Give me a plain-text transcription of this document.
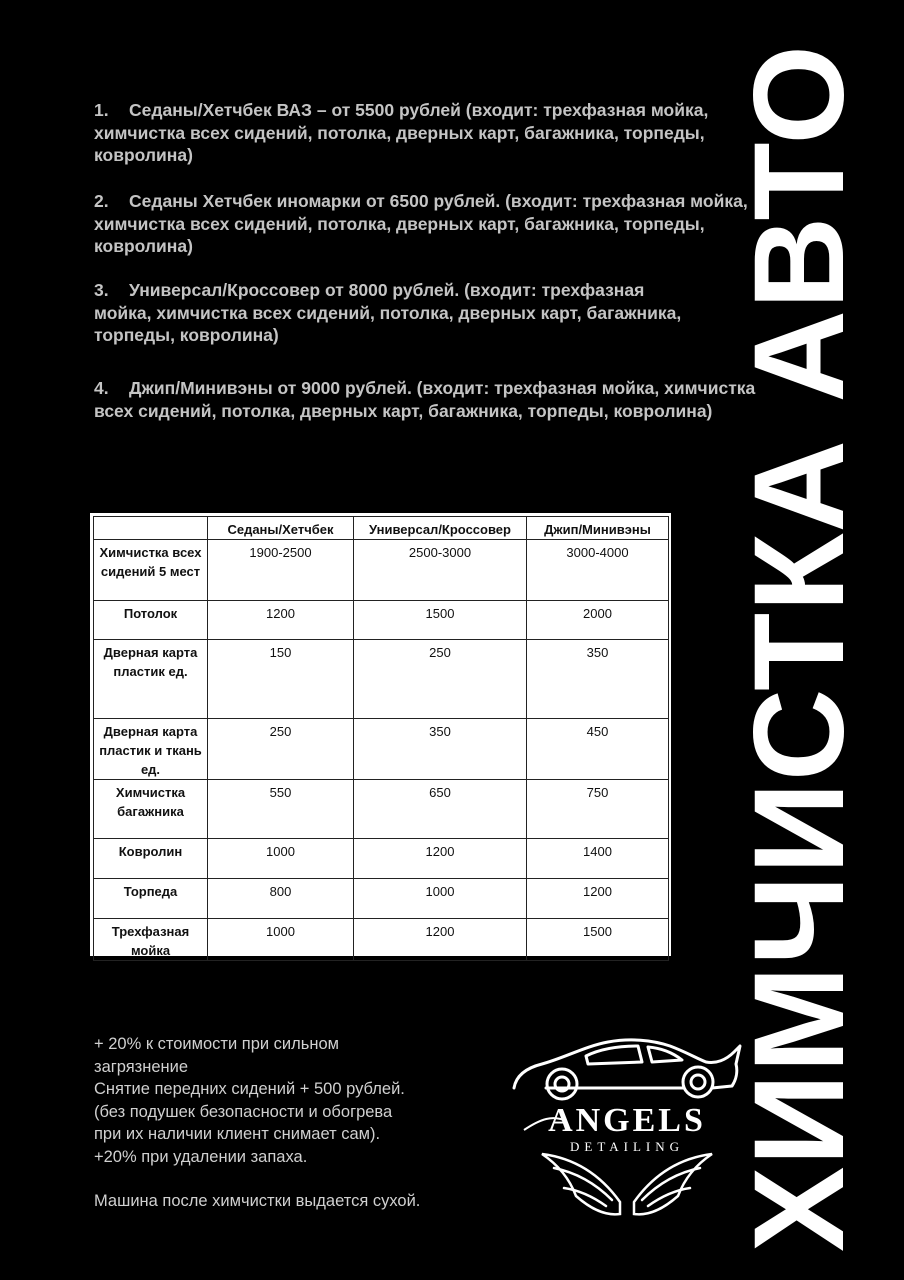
ХИМЧИСТКА АВТО
1. Седаны/Хетчбек ВАЗ – от 5500 рублей (входит: трехфазная мойка, химчистка всех сидений, потолка, дверных карт, багажника, торпеды, ковролина)
2. Седаны Хетчбек иномарки от 6500 рублей. (входит: трехфазная мойка, химчистка всех сидений, потолка, дверных карт, багажника, торпеды, ковролина)
3. Универсал/Кроссовер от 8000 рублей. (входит: трехфазная мойка, химчистка всех сидений, потолка, дверных карт, багажника, торпеды, ковролина)
4. Джип/Минивэны от 9000 рублей. (входит: трехфазная мойка, химчистка всех сидений, потолка, дверных карт, багажника, торпеды, ковролина)
	Седаны/Хетчбек	Универсал/Кроссовер	Джип/Минивэны
Химчистка всех сидений 5 мест	1900-2500	2500-3000	3000-4000
Потолок	1200	1500	2000
Дверная карта пластик ед.	150	250	350
Дверная карта пластик и ткань ед.	250	350	450
Химчистка багажника	550	650	750
Ковролин	1000	1200	1400
Торпеда	800	1000	1200
Трехфазная мойка	1000	1200	1500
+ 20% к стоимости при сильном
загрязнение
Снятие передних сидений + 500 рублей.
(без подушек безопасности и обогрева
при их наличии клиент снимает сам).
+20% при удалении запаха.
Машина после химчистки выдается сухой.
ANGELS
DETAILING
